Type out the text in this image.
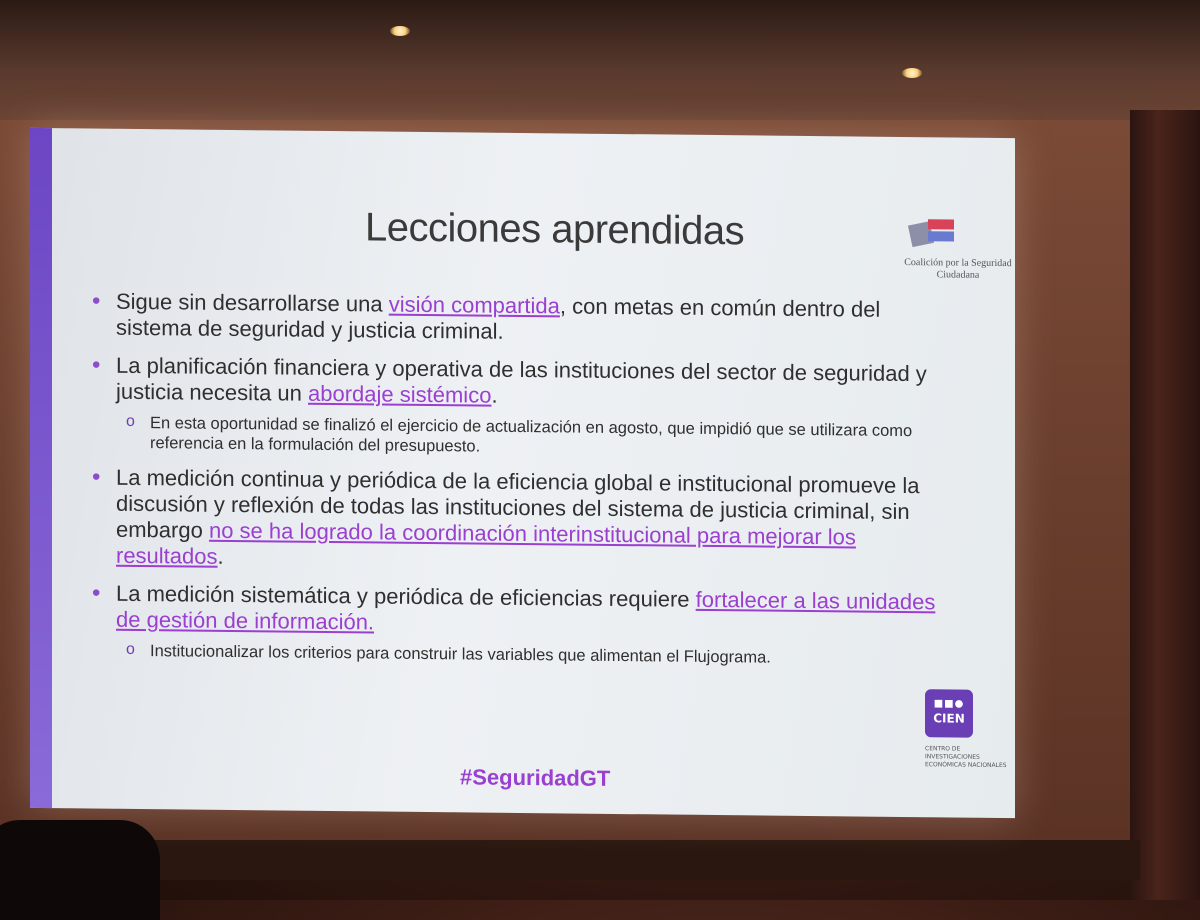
Lecciones aprendidas
Coalición por la Seguridad Ciudadana
• Sigue sin desarrollarse una visión compartida, con metas en común dentro del sistema de seguridad y justicia criminal.
• La planificación financiera y operativa de las instituciones del sector de seguridad y justicia necesita un abordaje sistémico.
o En esta oportunidad se finalizó el ejercicio de actualización en agosto, que impidió que se utilizara como referencia en la formulación del presupuesto.
• La medición continua y periódica de la eficiencia global e institucional promueve la discusión y reflexión de todas las instituciones del sistema de justicia criminal, sin embargo no se ha logrado la coordinación interinstitucional para mejorar los resultados.
• La medición sistemática y periódica de eficiencias requiere fortalecer a las unidades de gestión de información.
o Institucionalizar los criterios para construir las variables que alimentan el Flujograma.
#SeguridadGT
■■●
CIEN
CENTRO DE INVESTIGACIONES ECONÓMICAS NACIONALES
